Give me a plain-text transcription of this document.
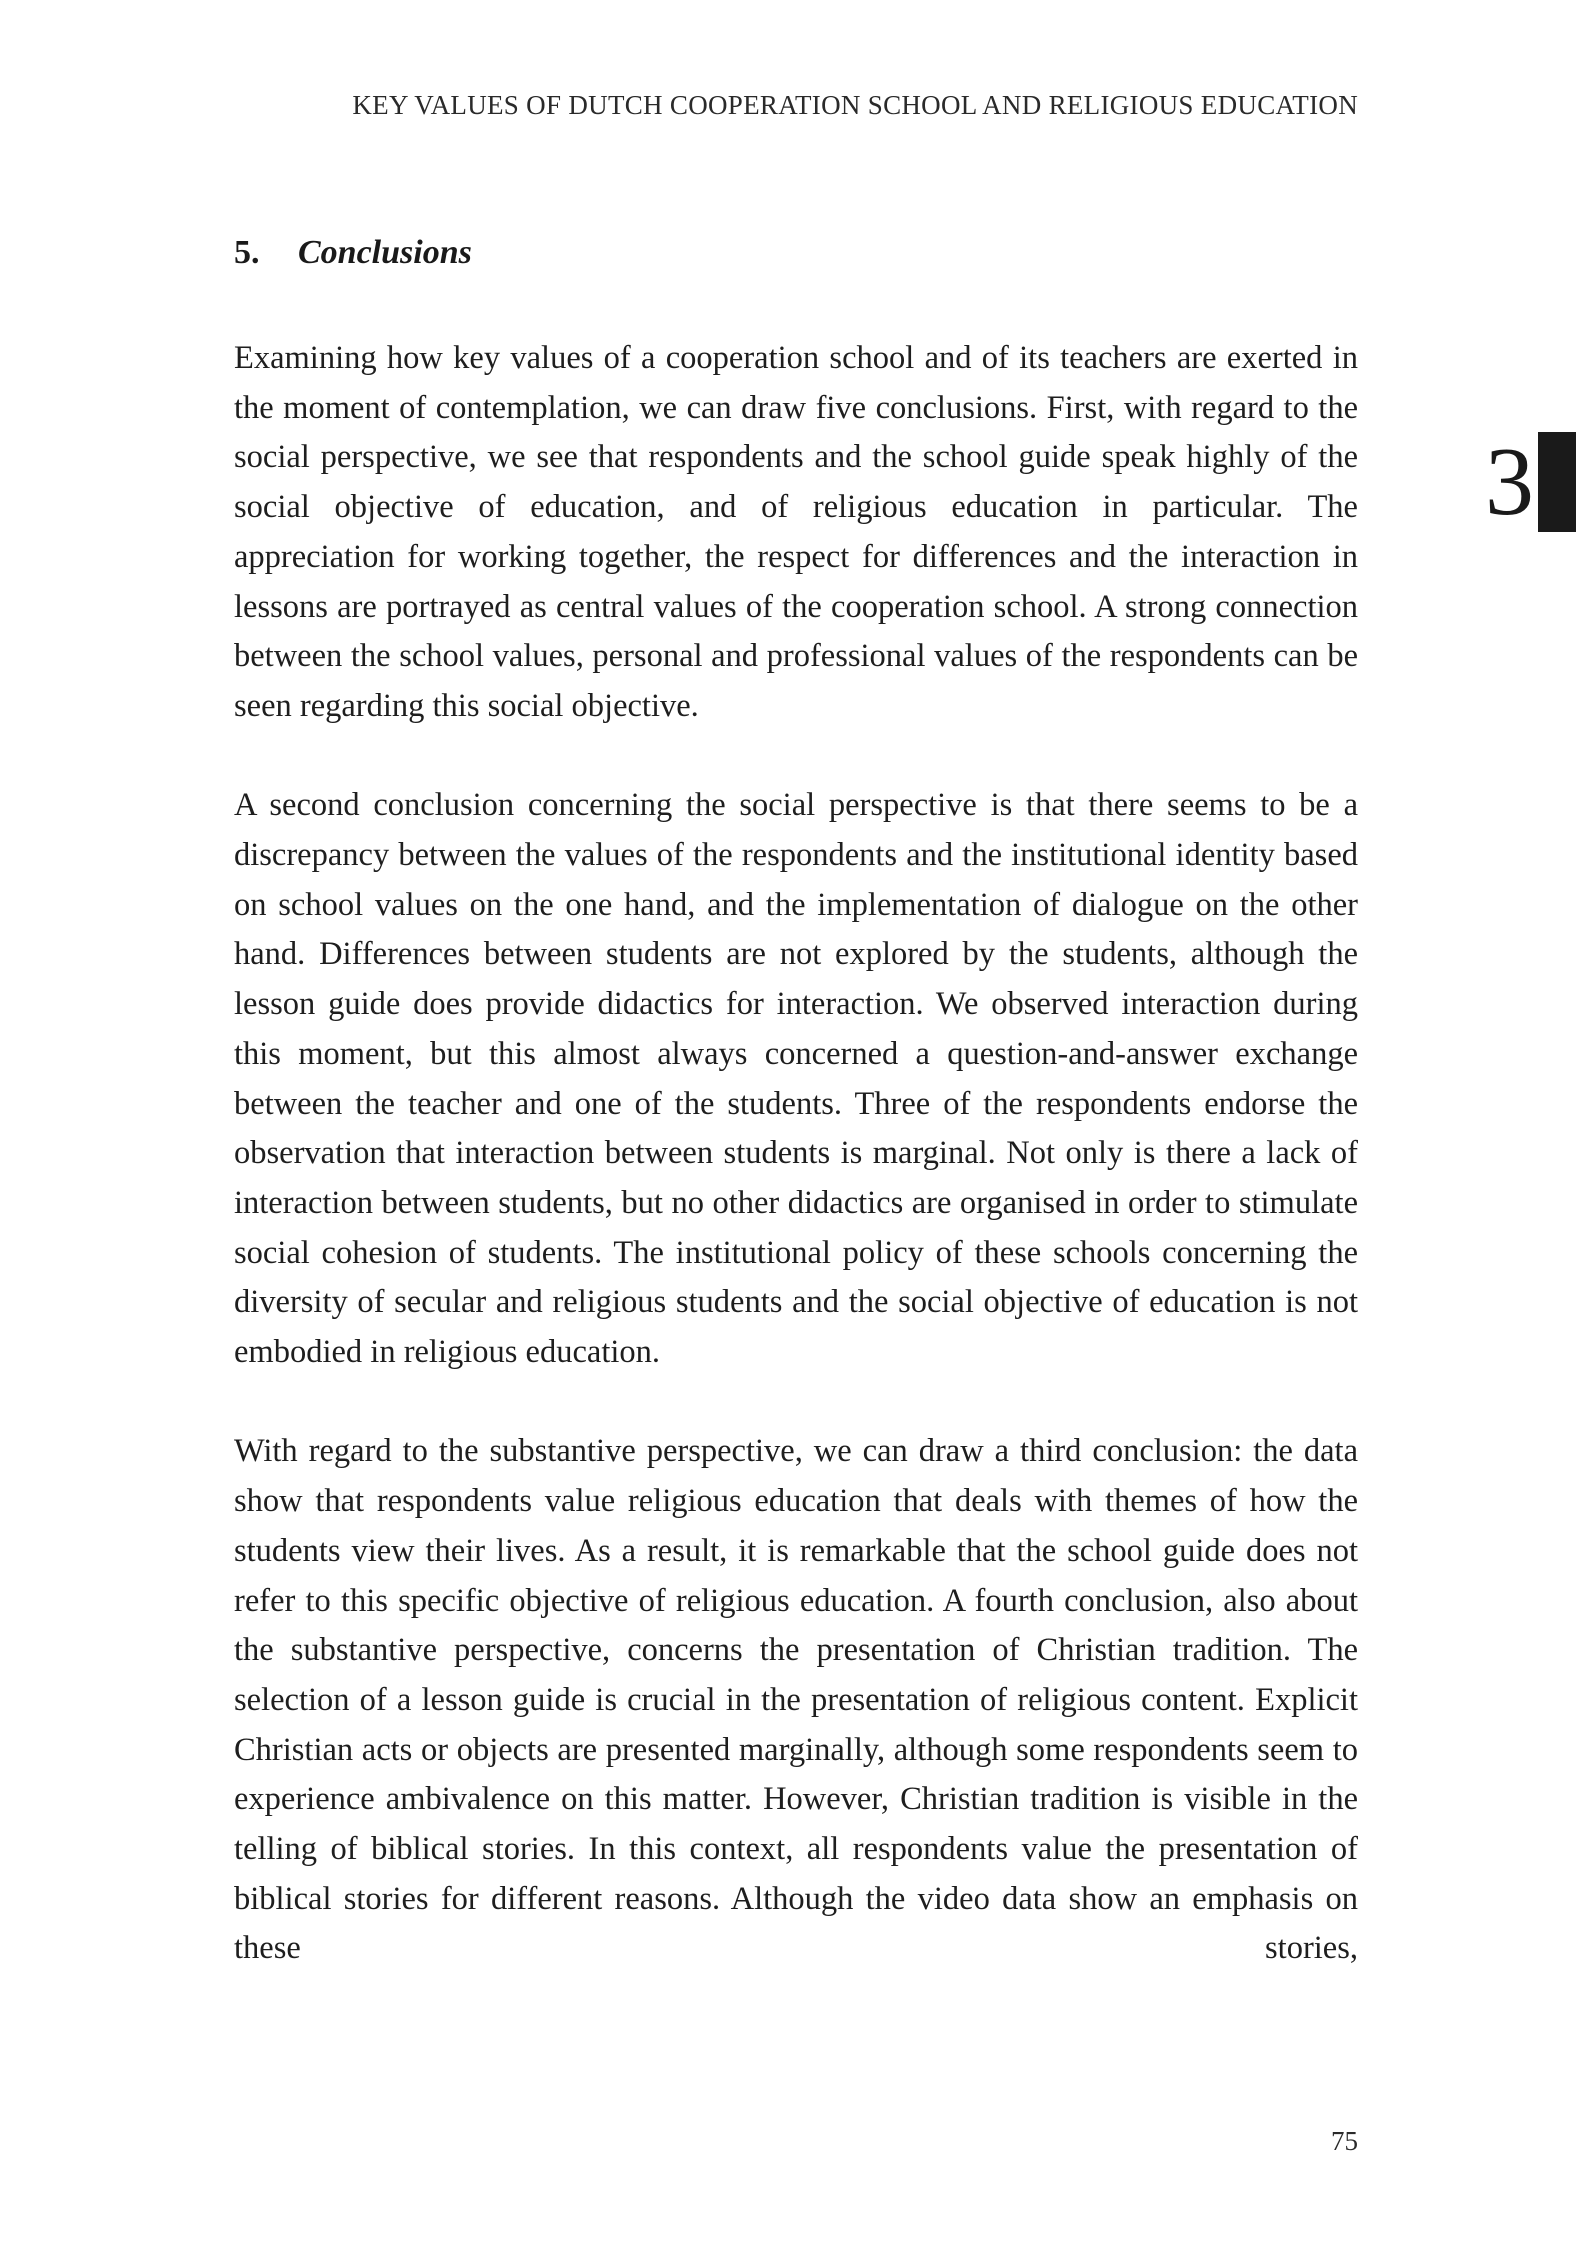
KEY VALUES OF DUTCH COOPERATION SCHOOL AND RELIGIOUS EDUCATION
3
5. Conclusions

Examining how key values of a cooperation school and of its teachers are exerted in the moment of contemplation, we can draw five conclusions. First, with regard to the social perspective, we see that respondents and the school guide speak highly of the social objective of education, and of religious education in particular. The appreciation for working together, the respect for differences and the interaction in lessons are portrayed as central values of the cooperation school. A strong connection between the school values, personal and professional values of the respondents can be seen regarding this social objective.

A second conclusion concerning the social perspective is that there seems to be a discrepancy between the values of the respondents and the institutional identity based on school values on the one hand, and the implementation of dialogue on the other hand. Differences between students are not explored by the students, although the lesson guide does provide didactics for interaction. We observed interaction during this moment, but this almost always concerned a question-and-answer exchange between the teacher and one of the students. Three of the respondents endorse the observation that interaction between students is marginal. Not only is there a lack of interaction between students, but no other didactics are organised in order to stimulate social cohesion of students. The institutional policy of these schools concerning the diversity of secular and religious students and the social objective of education is not embodied in religious education.

With regard to the substantive perspective, we can draw a third conclusion: the data show that respondents value religious education that deals with themes of how the students view their lives. As a result, it is remarkable that the school guide does not refer to this specific objective of religious education. A fourth conclusion, also about the substantive perspective, concerns the presentation of Christian tradition. The selection of a lesson guide is crucial in the presentation of religious content. Explicit Christian acts or objects are presented marginally, although some respondents seem to experience ambivalence on this matter. However, Christian tradition is visible in the telling of biblical stories. In this context, all respondents value the presentation of biblical stories for different reasons. Although the video data show an emphasis on these stories,

75
